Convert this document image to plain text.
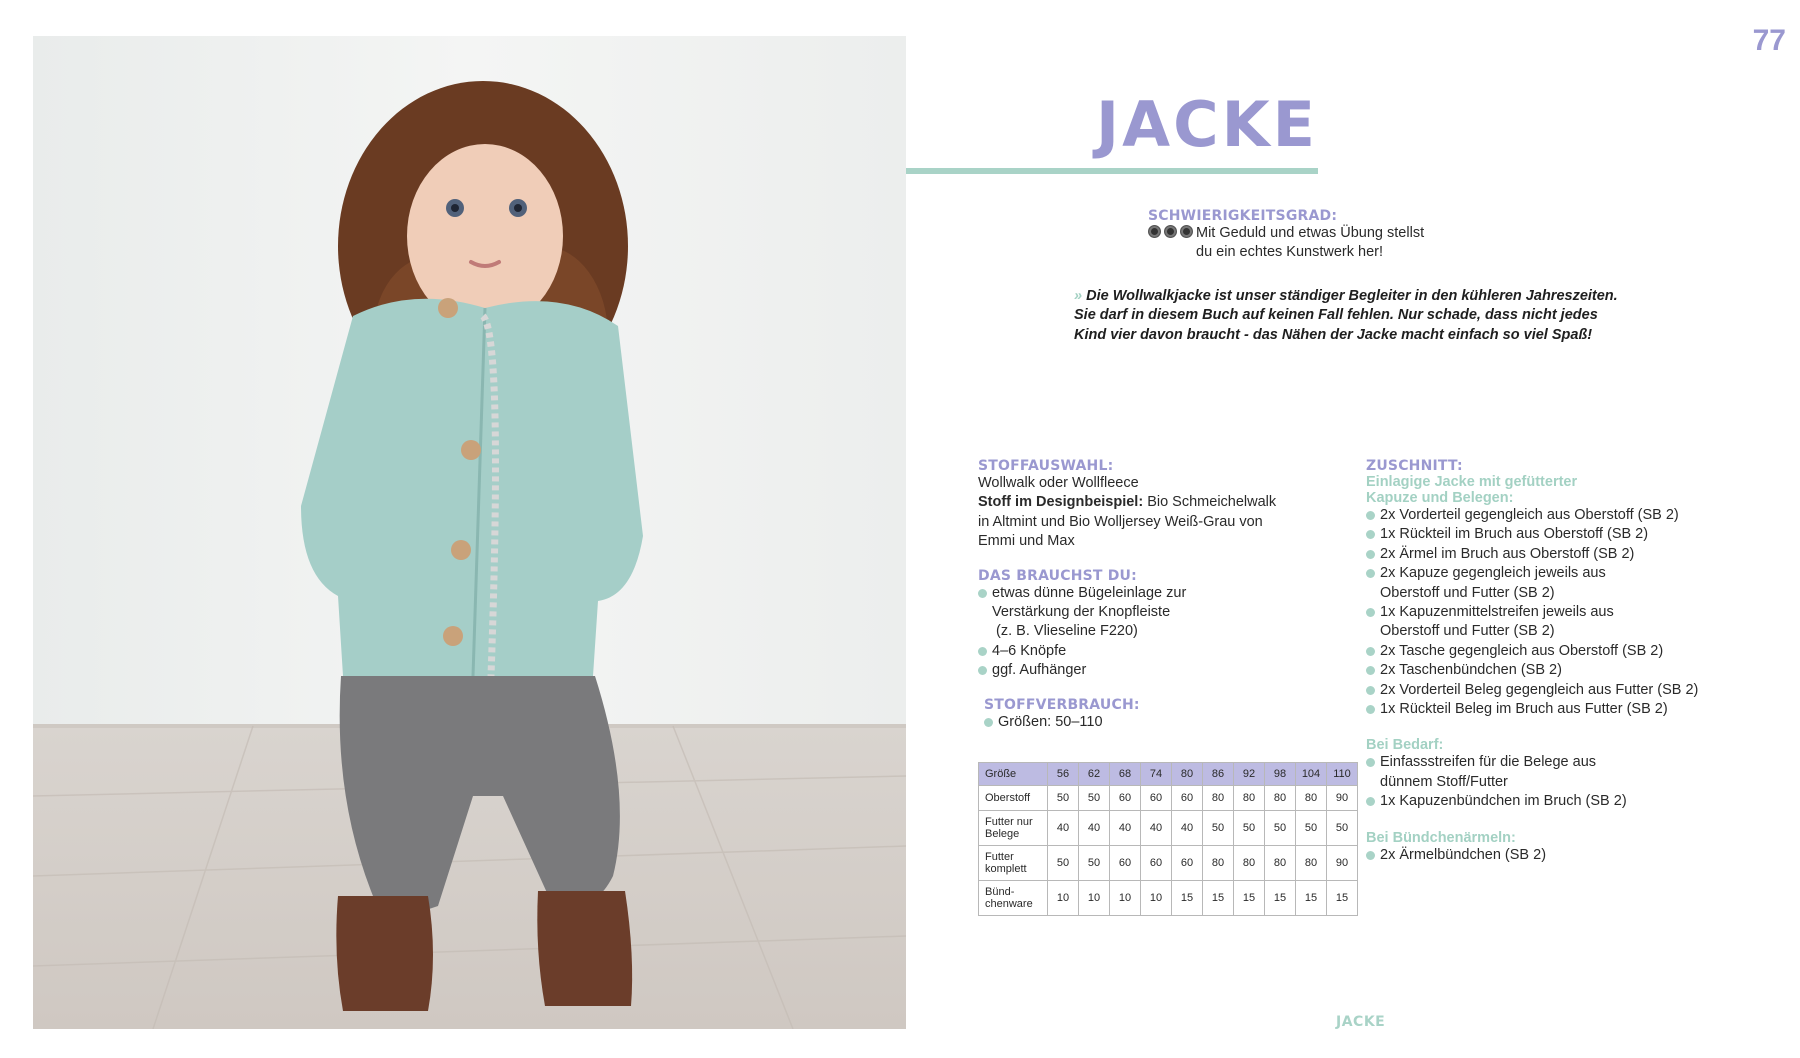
77
JACKE
SCHWIERIGKEITSGRAD:
Mit Geduld und etwas Übung stellst
du ein echtes Kunstwerk her!
» Die Wollwalkjacke ist unser ständiger Begleiter in den kühleren Jahreszeiten.
Sie darf in diesem Buch auf keinen Fall fehlen. Nur schade, dass nicht jedes
Kind vier davon braucht - das Nähen der Jacke macht einfach so viel Spaß!
STOFFAUSWAHL:
Wollwalk oder Wollfleece
Stoff im Designbeispiel: Bio Schmeichelwalk
in Altmint und Bio Wolljersey Weiß-Grau von
Emmi und Max
DAS BRAUCHST DU:
etwas dünne Bügeleinlage zur
Verstärkung der Knopfleiste
(z. B. Vlieseline F220)
4–6 Knöpfe
ggf. Aufhänger
STOFFVERBRAUCH:
Größen: 50–110
Größe	56	62	68	74	80	86	92	98	104	110
Oberstoff	50	50	60	60	60	80	80	80	80	90

Futter nur
Belege	40	40	40	40	40	50	50	50	50	50

Futter
komplett	50	50	60	60	60	80	80	80	80	90

Bünd-
chenware	10	10	10	10	15	15	15	15	15	15
ZUSCHNITT:
Einlagige Jacke mit gefütterter
Kapuze und Belegen:
2x Vorderteil gegengleich aus Oberstoff (SB 2)
1x Rückteil im Bruch aus Oberstoff (SB 2)
2x Ärmel im Bruch aus Oberstoff (SB 2)
2x Kapuze gegengleich jeweils aus
Oberstoff und Futter (SB 2)
1x Kapuzenmittelstreifen jeweils aus
Oberstoff und Futter (SB 2)
2x Tasche gegengleich aus Oberstoff (SB 2)
2x Taschenbündchen (SB 2)
2x Vorderteil Beleg gegengleich aus Futter (SB 2)
1x Rückteil Beleg im Bruch aus Futter (SB 2)
Bei Bedarf:
Einfassstreifen für die Belege aus
dünnem Stoff/Futter
1x Kapuzenbündchen im Bruch (SB 2)
Bei Bündchenärmeln:
2x Ärmelbündchen (SB 2)
JACKE
